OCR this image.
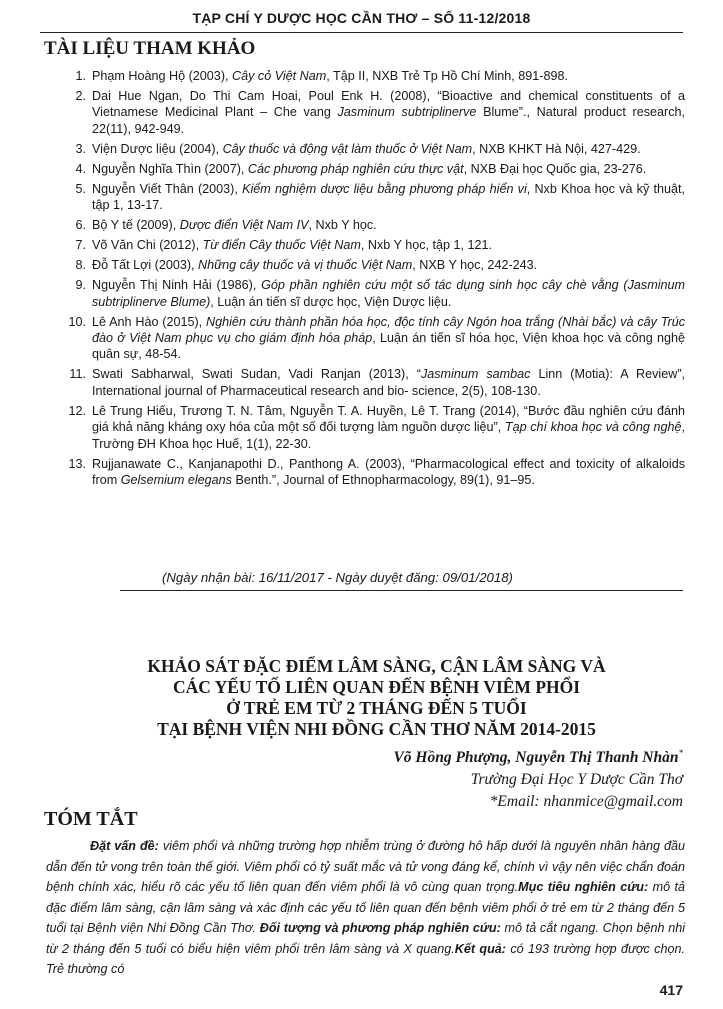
TẠP CHÍ Y DƯỢC HỌC CẦN THƠ – SỐ 11-12/2018
TÀI LIỆU THAM KHẢO
1. Phạm Hoàng Hộ (2003), Cây cỏ Việt Nam, Tập II, NXB Trẻ Tp Hồ Chí Minh, 891-898.
2. Dai Hue Ngan, Do Thi Cam Hoai, Poul Enk H. (2008), “Bioactive and chemical constituents of a Vietnamese Medicinal Plant – Che vang Jasminum subtriplinerve Blume”., Natural product research, 22(11), 942-949.
3. Viện Dược liệu (2004), Cây thuốc và động vật làm thuốc ở Việt Nam, NXB KHKT Hà Nội, 427-429.
4. Nguyễn Nghĩa Thìn (2007), Các phương pháp nghiên cứu thực vật, NXB Đại học Quốc gia, 23-276.
5. Nguyễn Viết Thân (2003), Kiểm nghiệm dược liệu bằng phương pháp hiển vi, Nxb Khoa học và kỹ thuật, tập 1, 13-17.
6. Bộ Y tế (2009), Dược điển Việt Nam IV, Nxb Y học.
7. Võ Văn Chi (2012), Từ điển Cây thuốc Việt Nam, Nxb Y học, tập 1, 121.
8. Đỗ Tất Lợi (2003), Những cây thuốc và vị thuốc Việt Nam, NXB Y học, 242-243.
9. Nguyễn Thị Ninh Hải (1986), Góp phần nghiên cứu một số tác dụng sinh học cây chè vằng (Jasminum subtriplinerve Blume), Luận án tiến sĩ dược học, Viện Dược liệu.
10. Lê Anh Hào (2015), Nghiên cứu thành phần hóa học, độc tính cây Ngón hoa trắng (Nhài bắc) và cây Trúc đào ở Việt Nam phục vụ cho giám định hóa pháp, Luận án tiến sĩ hóa học, Viện khoa học và công nghệ quân sự, 48-54.
11. Swati Sabharwal, Swati Sudan, Vadi Ranjan (2013), “Jasminum sambac Linn (Motia): A Review”, International journal of Pharmaceutical research and bio- science, 2(5), 108-130.
12. Lê Trung Hiếu, Trương T. N. Tâm, Nguyễn T. A. Huyền, Lê T. Trang (2014), “Bước đầu nghiên cứu đánh giá khả năng kháng oxy hóa của một số đối tượng làm nguồn dược liệu”, Tạp chí khoa học và công nghệ, Trường ĐH Khoa học Huế, 1(1), 22-30.
13. Rujjanawate C., Kanjanapothi D., Panthong A. (2003), “Pharmacological effect and toxicity of alkaloids from Gelsemium elegans Benth.”, Journal of Ethnopharmacology, 89(1), 91–95.
(Ngày nhận bài: 16/11/2017 - Ngày duyệt đăng: 09/01/2018)
KHẢO SÁT ĐẶC ĐIỂM LÂM SÀNG, CẬN LÂM SÀNG VÀ
CÁC YẾU TỐ LIÊN QUAN ĐẾN BỆNH VIÊM PHỔI
Ở TRẺ EM TỪ 2 THÁNG ĐẾN 5 TUỔI
TẠI BỆNH VIỆN NHI ĐỒNG CẦN THƠ NĂM 2014-2015
Võ Hồng Phượng, Nguyễn Thị Thanh Nhàn*
Trường Đại Học Y Dược Cần Thơ
*Email: nhanmice@gmail.com
TÓM TẮT

Đặt vấn đề: viêm phổi và những trường hợp nhiễm trùng ở đường hô hấp dưới là nguyên nhân hàng đầu dẫn đến tử vong trên toàn thế giới. Viêm phổi có tỷ suất mắc và tử vong đáng kể, chính vì vậy nên việc chẩn đoán bệnh chính xác, hiểu rõ các yếu tố liên quan đến viêm phổi là vô cùng quan trọng.Mục tiêu nghiên cứu: mô tả đặc điểm lâm sàng, cận lâm sàng và xác định các yếu tố liên quan đến bệnh viêm phổi ở trẻ em từ 2 tháng đến 5 tuổi tại Bệnh viện Nhi Đồng Cần Thơ. Đối tượng và phương pháp nghiên cứu: mô tả cắt ngang. Chọn bệnh nhi từ 2 tháng đến 5 tuổi có biểu hiện viêm phổi trên lâm sàng và X quang.Kết quả: có 193 trường hợp được chọn. Trẻ thường có

417
